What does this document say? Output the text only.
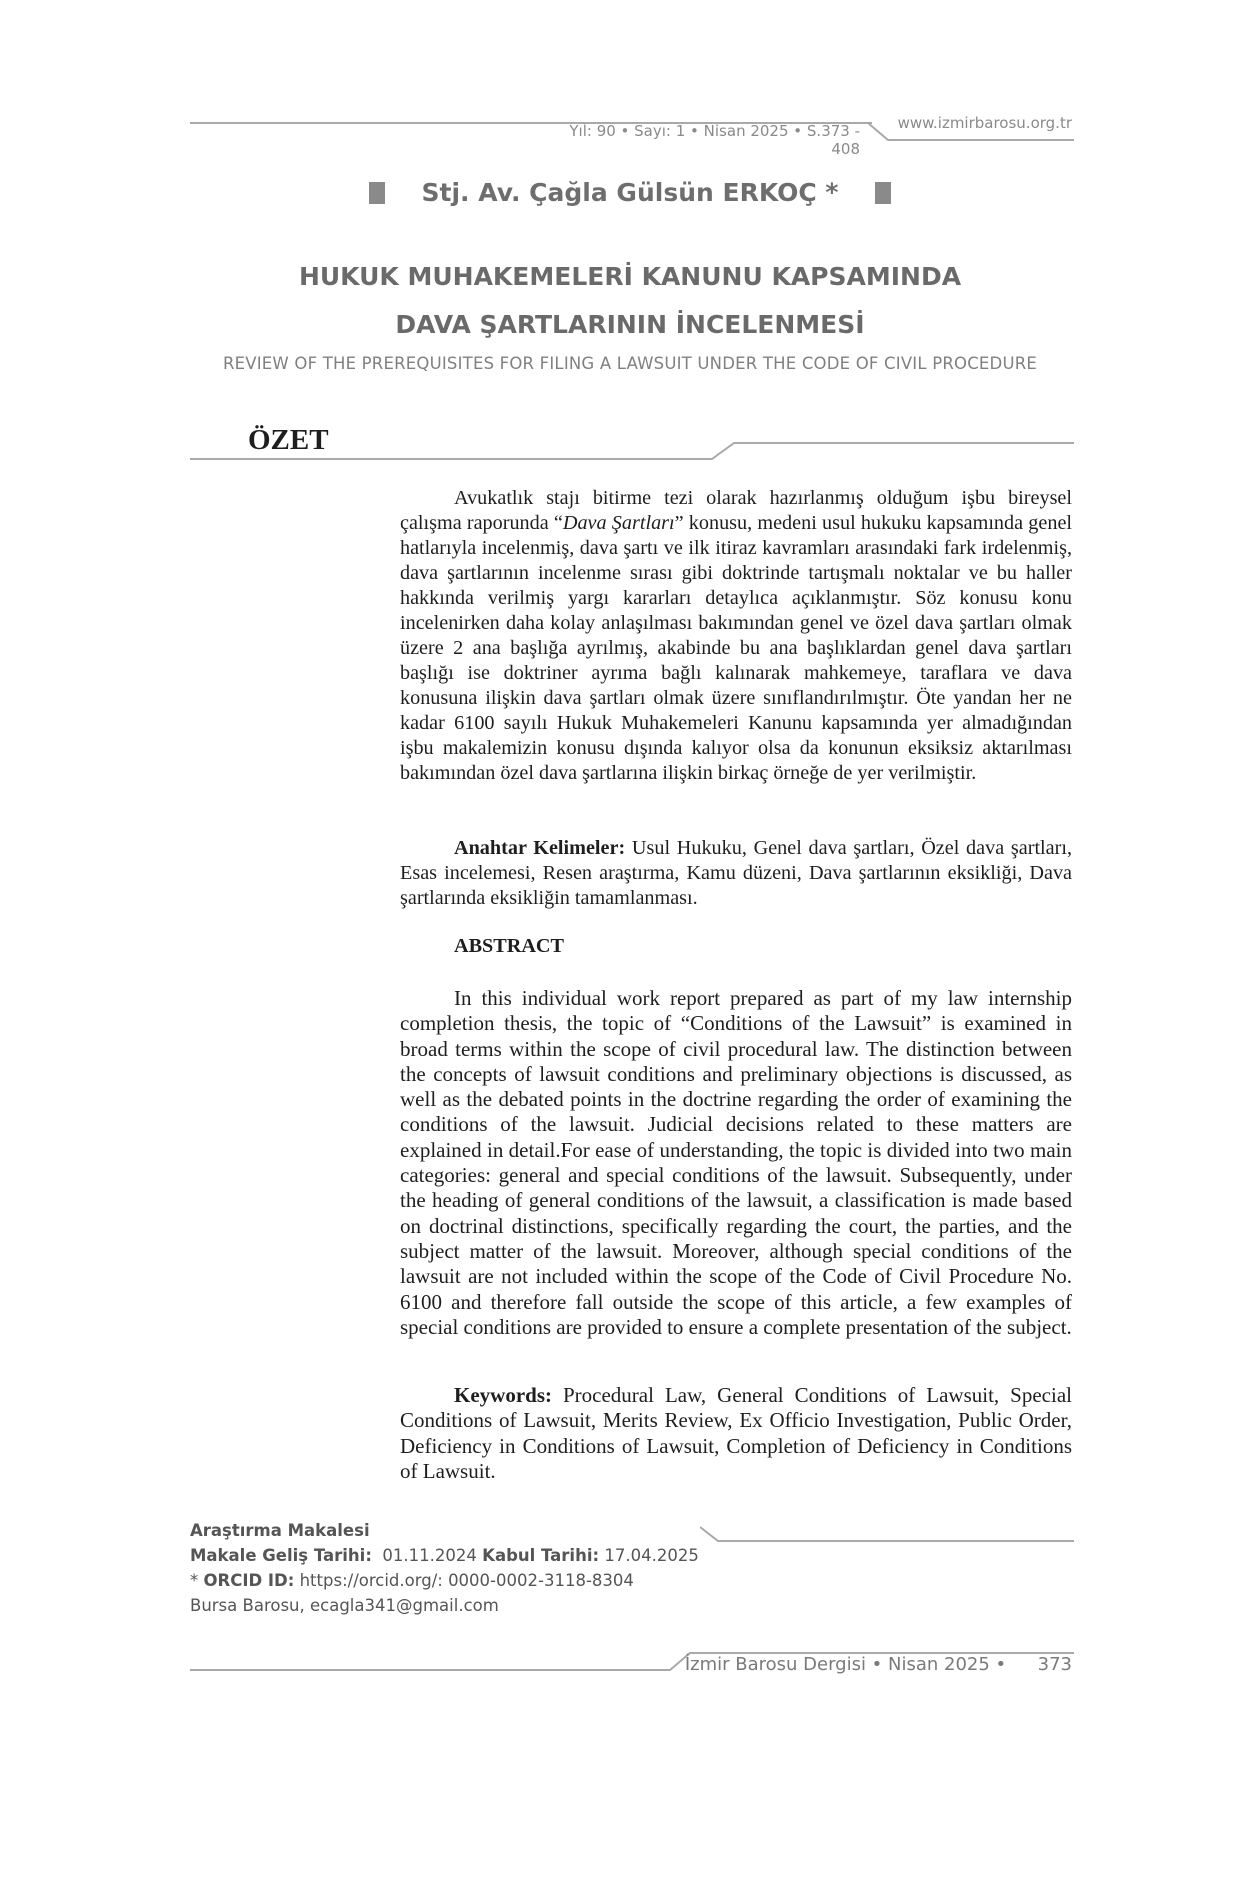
Yıl: 90 • Sayı: 1 • Nisan 2025 • S.373 - 408
www.izmirbarosu.org.tr
Stj. Av. Çağla Gülsün ERKOÇ *
HUKUK MUHAKEMELERİ KANUNU KAPSAMINDA
DAVA ŞARTLARININ İNCELENMESİ
REVIEW OF THE PREREQUISITES FOR FILING A LAWSUIT UNDER THE CODE OF CIVIL PROCEDURE
ÖZET

Avukatlık stajı bitirme tezi olarak hazırlanmış olduğum işbu bireysel çalışma raporunda “Dava Şartları” konusu, medeni usul hukuku kapsamında genel hatlarıyla incelenmiş, dava şartı ve ilk itiraz kavramları arasındaki fark irdelenmiş, dava şartlarının incelenme sırası gibi doktrinde tartışmalı noktalar ve bu haller hakkında verilmiş yargı kararları detaylıca açıklanmıştır. Söz konusu konu incelenirken daha kolay anlaşılması bakımından genel ve özel dava şartları olmak üzere 2 ana başlığa ayrılmış, akabinde bu ana başlıklardan genel dava şartları başlığı ise doktriner ayrıma bağlı kalınarak mahkemeye, taraflara ve dava konusuna ilişkin dava şartları olmak üzere sınıflandırılmıştır. Öte yandan her ne kadar 6100 sayılı Hukuk Muhakemeleri Kanunu kapsamında yer almadığından işbu makalemizin konusu dışında kalıyor olsa da konunun eksiksiz aktarılması bakımından özel dava şartlarına ilişkin birkaç örneğe de yer verilmiştir.

Anahtar Kelimeler: Usul Hukuku, Genel dava şartları, Özel dava şartları, Esas incelemesi, Resen araştırma, Kamu düzeni, Dava şartlarının eksikliği, Dava şartlarında eksikliğin tamamlanması.

ABSTRACT

In this individual work report prepared as part of my law internship completion thesis, the topic of “Conditions of the Lawsuit” is examined in broad terms within the scope of civil procedural law. The distinction between the concepts of lawsuit conditions and preliminary objections is discussed, as well as the debated points in the doctrine regarding the order of examining the conditions of the lawsuit. Judicial decisions related to these matters are explained in detail.For ease of understanding, the topic is divided into two main categories: general and special conditions of the lawsuit. Subsequently, under the heading of general conditions of the lawsuit, a classification is made based on doctrinal distinctions, specifically regarding the court, the parties, and the subject matter of the lawsuit. Moreover, although special conditions of the lawsuit are not included within the scope of the Code of Civil Procedure No. 6100 and therefore fall outside the scope of this article, a few examples of special conditions are provided to ensure a complete presentation of the subject.

Keywords: Procedural Law, General Conditions of Lawsuit, Special Conditions of Lawsuit, Merits Review, Ex Officio Investigation, Public Order, Deficiency in Conditions of Lawsuit, Completion of Deficiency in Conditions of Lawsuit.

Araştırma Makalesi
Makale Geliş Tarihi: 01.11.2024 Kabul Tarihi: 17.04.2025
* ORCID ID: https://orcid.org/: 0000-0002-3118-8304
Bursa Barosu, ecagla341@gmail.com
İzmir Barosu Dergisi • Nisan 2025 • 373
